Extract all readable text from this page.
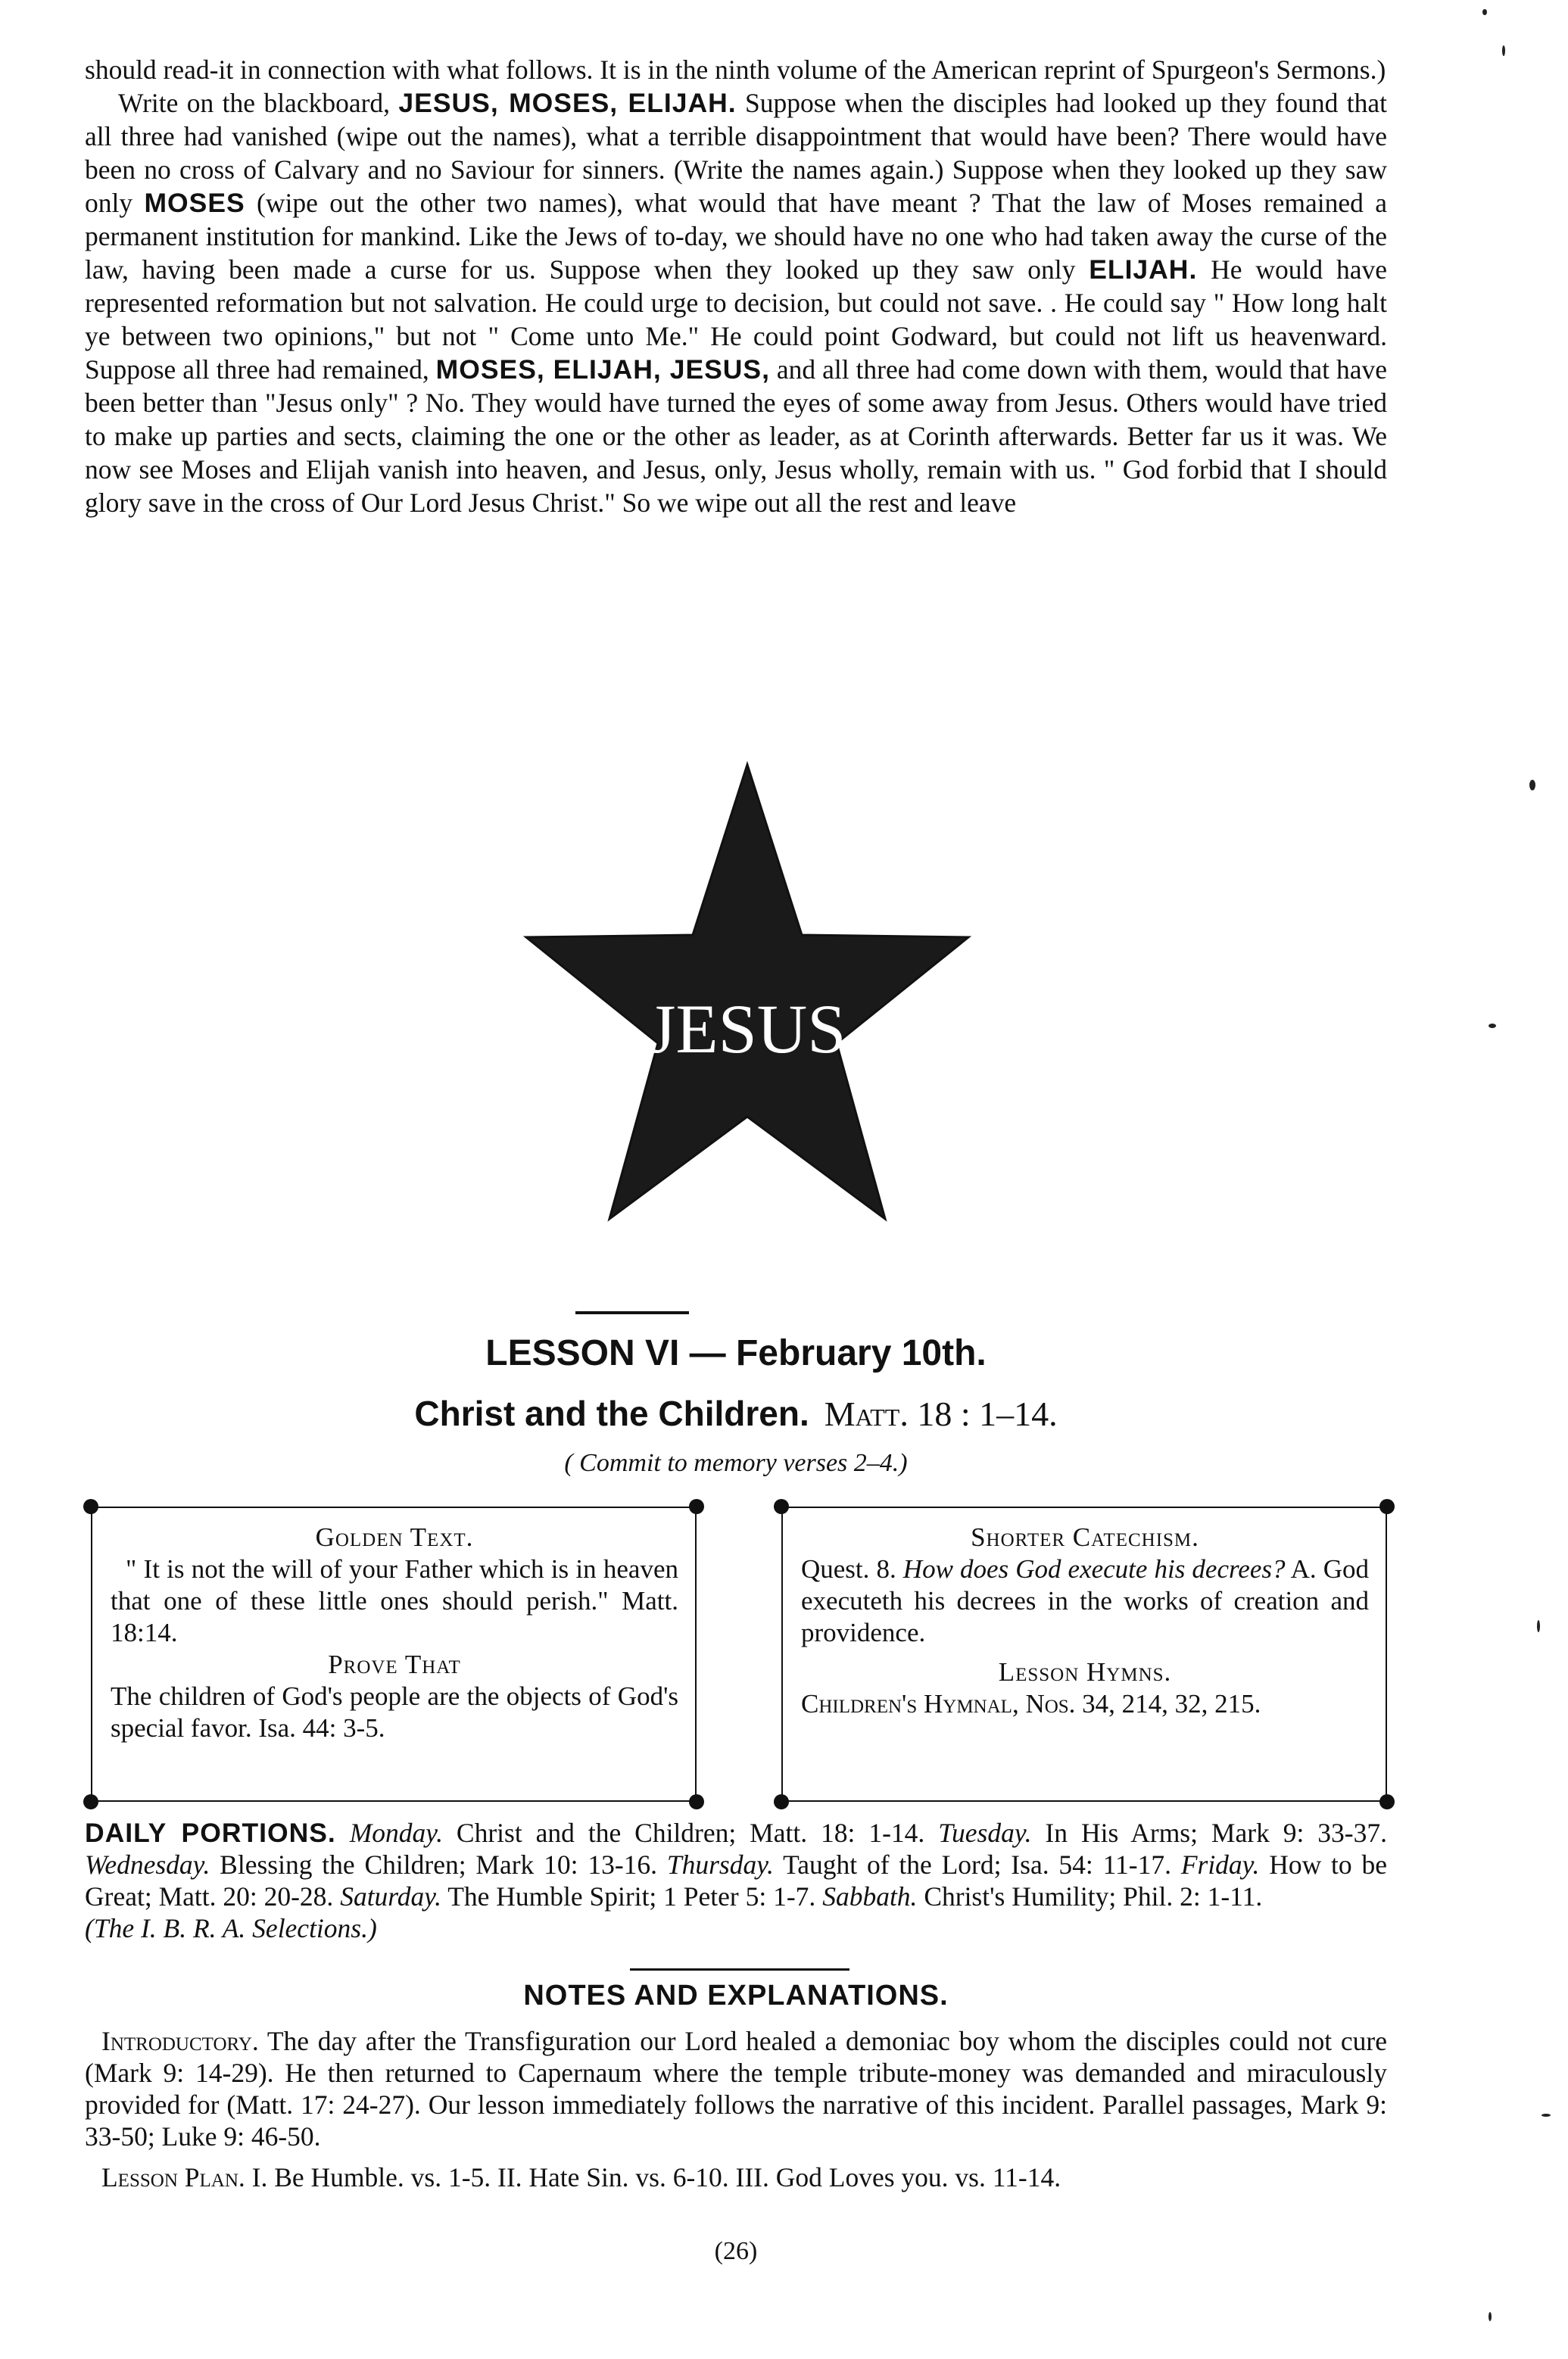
should read-it in connection with what follows. It is in the ninth volume of the American reprint of Spurgeon's Sermons.)

Write on the blackboard, JESUS, MOSES, ELIJAH. Suppose when the disciples had looked up they found that all three had vanished (wipe out the names), what a terrible disappointment that would have been? There would have been no cross of Calvary and no Saviour for sinners. (Write the names again.) Suppose when they looked up they saw only MOSES (wipe out the other two names), what would that have meant ? That the law of Moses remained a permanent institution for mankind. Like the Jews of to-day, we should have no one who had taken away the curse of the law, having been made a curse for us. Suppose when they looked up they saw only ELIJAH. He would have represented reformation but not salvation. He could urge to decision, but could not save. . He could say " How long halt ye between two opinions," but not " Come unto Me." He could point Godward, but could not lift us heavenward. Suppose all three had remained, MOSES, ELIJAH, JESUS, and all three had come down with them, would that have been better than "Jesus only" ? No. They would have turned the eyes of some away from Jesus. Others would have tried to make up parties and sects, claiming the one or the other as leader, as at Corinth afterwards. Better far us it was. We now see Moses and Elijah vanish into heaven, and Jesus, only, Jesus wholly, remain with us. " God forbid that I should glory save in the cross of Our Lord Jesus Christ." So we wipe out all the rest and leave

JESUS
LESSON VI — February 10th.
Christ and the Children. Matt. 18 : 1–14.
( Commit to memory verses 2–4.)

Golden Text.

" It is not the will of your Father which is in heaven that one of these little ones should perish." Matt. 18:14.

Prove That

The children of God's people are the objects of God's special favor. Isa. 44: 3-5.

Shorter Catechism.

Quest. 8. How does God execute his decrees? A. God executeth his decrees in the works of creation and providence.

Lesson Hymns.

Children's Hymnal, Nos. 34, 214, 32, 215.

DAILY PORTIONS. Monday. Christ and the Children; Matt. 18: 1-14. Tuesday. In His Arms; Mark 9: 33-37. Wednesday. Blessing the Children; Mark 10: 13-16. Thursday. Taught of the Lord; Isa. 54: 11-17. Friday. How to be Great; Matt. 20: 20-28. Saturday. The Humble Spirit; 1 Peter 5: 1-7. Sabbath. Christ's Humility; Phil. 2: 1-11.
(The I. B. R. A. Selections.)
NOTES AND EXPLANATIONS.

Introductory. The day after the Transfiguration our Lord healed a demoniac boy whom the disciples could not cure (Mark 9: 14-29). He then returned to Capernaum where the temple tribute-money was demanded and miraculously provided for (Matt. 17: 24-27). Our lesson immediately follows the narrative of this incident. Parallel passages, Mark 9: 33-50; Luke 9: 46-50.

Lesson Plan. I. Be Humble. vs. 1-5. II. Hate Sin. vs. 6-10. III. God Loves you. vs. 11-14.

(26)
